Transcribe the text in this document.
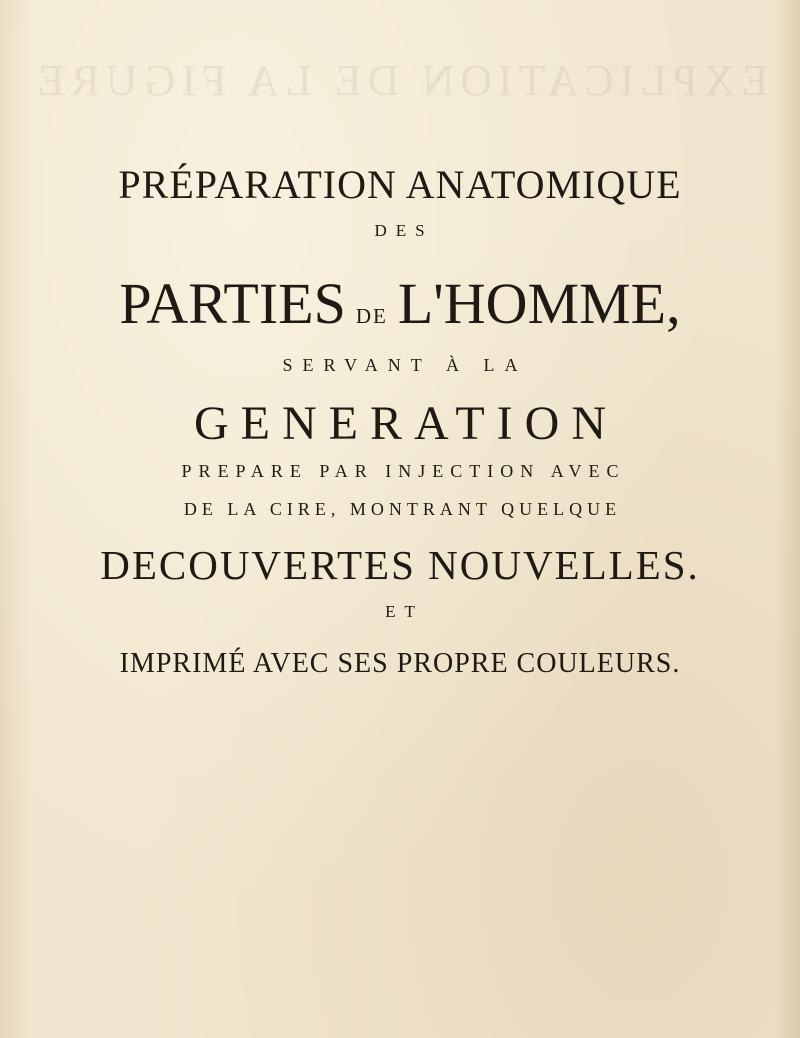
EXPLICATION DE LA FIGURE
PRÉPARATION ANATOMIQUE
DES
PARTIES DE L'HOMME,
SERVANT À LA
GENERATION
PREPARE PAR INJECTION AVEC
DE LA CIRE, MONTRANT QUELQUE
DECOUVERTES NOUVELLES.
ET
IMPRIMÉ AVEC SES PROPRE COULEURS.
